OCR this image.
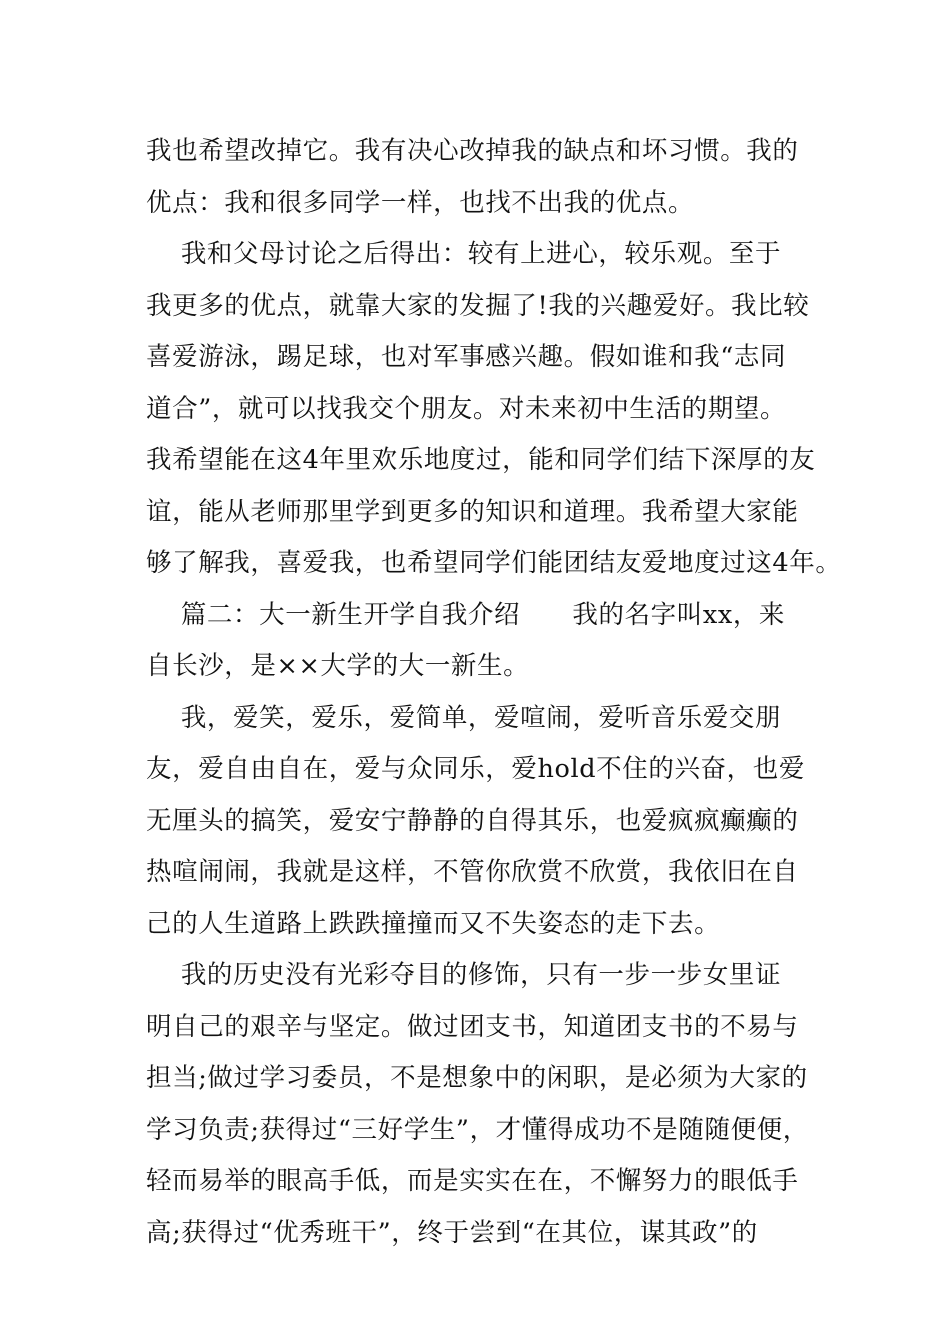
我也希望改掉它。我有决心改掉我的缺点和坏习惯。我的
优点：我和很多同学一样，也找不出我的优点。
我和父母讨论之后得出：较有上进心，较乐观。至于
我更多的优点，就靠大家的发掘了!我的兴趣爱好。我比较
喜爱游泳，踢足球，也对军事感兴趣。假如谁和我“志同
道合”，就可以找我交个朋友。对未来初中生活的期望。
我希望能在这4年里欢乐地度过，能和同学们结下深厚的友
谊，能从老师那里学到更多的知识和道理。我希望大家能
够了解我，喜爱我，也希望同学们能团结友爱地度过这4年。
篇二：大一新生开学自我介绍      我的名字叫xx，来
自长沙，是××大学的大一新生。
我，爱笑，爱乐，爱简单，爱喧闹，爱听音乐爱交朋
友，爱自由自在，爱与众同乐，爱hold不住的兴奋，也爱
无厘头的搞笑，爱安宁静静的自得其乐，也爱疯疯癫癫的
热喧闹闹，我就是这样，不管你欣赏不欣赏，我依旧在自
己的人生道路上跌跌撞撞而又不失姿态的走下去。
我的历史没有光彩夺目的修饰，只有一步一步女里证
明自己的艰辛与坚定。做过团支书，知道团支书的不易与
担当;做过学习委员，不是想象中的闲职，是必须为大家的
学习负责;获得过“三好学生”，才懂得成功不是随随便便，
轻而易举的眼高手低，而是实实在在，不懈努力的眼低手
高;获得过“优秀班干”，终于尝到“在其位，谋其政”的
